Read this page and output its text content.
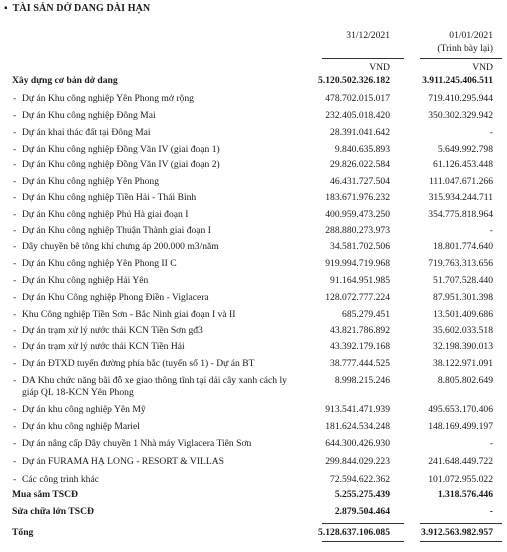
▪ TÀI SẢN DỞ DANG DÀI HẠN
31/12/2021	01/01/2021
(Trình bày lại)
VND	VND
Xây dựng cơ bản dở dang	5.120.502.326.182	3.911.245.406.511
- Dự án Khu công nghiệp Yên Phong mở rộng	478.702.015.017	719.410.295.944
- Dự án Khu công nghiệp Đông Mai	232.405.018.420	350.302.329.942
- Dự án khai thác đất tại Đông Mai	28.391.041.642	-
- Dự án Khu công nghiệp Đồng Văn IV (giai đoạn 1)	9.840.635.893	5.649.992.798
- Dự án Khu công nghiệp Đồng Văn IV (giai đoạn 2)	29.826.022.584	61.126.453.448
- Dự án Khu công nghiệp Yên Phong	46.431.727.504	111.047.671.266
- Dự án Khu công nghiệp Tiền Hải - Thái Bình	183.671.976.232	315.934.244.711
- Dự án Khu công nghiệp Phú Hà giai đoạn I	400.959.473.250	354.775.818.964
- Dự án Khu công nghiệp Thuận Thành giai đoạn I	288.880.273.973	-
- Dây chuyền bê tông khí chưng áp 200.000 m3/năm	34.581.702.506	18.801.774.640
- Dự án Khu công nghiệp Yên Phong II C	919.994.719.968	719.763.313.656
- Dự án Khu công nghiệp Hải Yên	91.164.951.985	51.707.528.440
- Dự án Khu Công nghiệp Phong Điền - Viglacera	128.072.777.224	87.951.301.398
- Khu Công nghiệp Tiền Sơn - Bắc Ninh giai đoạn I và II	685.279.451	13.501.409.686
- Dự án trạm xử lý nước thải KCN Tiền Sơn gđ3	43.821.786.892	35.602.033.518
- Dự án trạm xử lý nước thải KCN Tiền Hải	43.392.179.168	32.198.390.013
- Dự án ĐTXD tuyến đường phía bắc (tuyến số 1) - Dự án BT	38.777.444.525	38.122.971.091
- DA Khu chức năng bãi đỗ xe giao thông tĩnh tại dải cây xanh cách ly giáp QL 18-KCN Yên Phong
8.998.215.246	8.805.802.649
- Dự án khu công nghiệp Yên Mỹ	913.541.471.939	495.653.170.406
- Dự án khu công nghiệp Mariel	181.624.534.248	148.169.499.197
- Dự án nâng cấp Dây chuyền 1 Nhà máy Viglacera Tiên Sơn	644.300.426.930	-
- Dự án FURAMA HẠ LONG - RESORT & VILLAS	299.844.029.223	241.648.449.722
- Các công trình khác	72.594.622.362	101.072.955.022
Mua sắm TSCĐ	5.255.275.439	1.318.576.446
Sửa chữa lớn TSCĐ	2.879.504.464	-
Tổng	5.128.637.106.085	3.912.563.982.957
